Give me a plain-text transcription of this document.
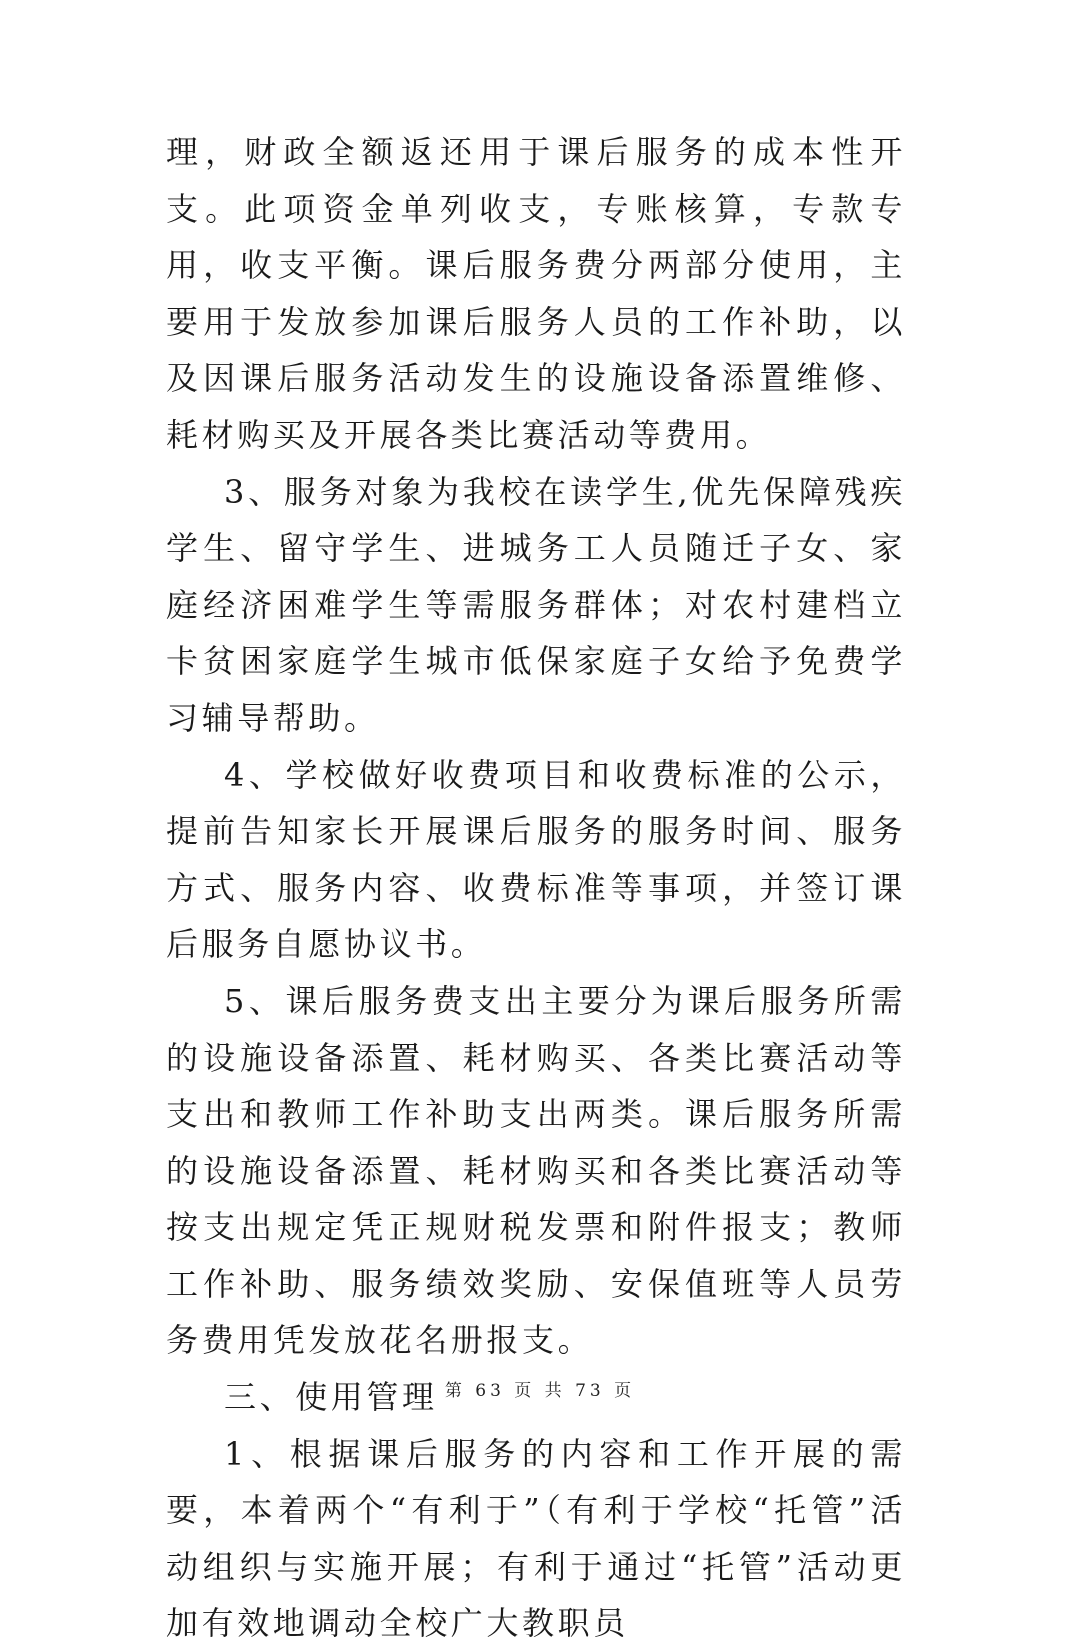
理，财政全额返还用于课后服务的成本性开支。此项资金单列收支，专账核算，专款专用，收支平衡。课后服务费分两部分使用，主要用于发放参加课后服务人员的工作补助，以及因课后服务活动发生的设施设备添置维修、耗材购买及开展各类比赛活动等费用。

3、服务对象为我校在读学生,优先保障残疾学生、留守学生、进城务工人员随迁子女、家庭经济困难学生等需服务群体；对农村建档立卡贫困家庭学生城市低保家庭子女给予免费学习辅导帮助。

4、学校做好收费项目和收费标准的公示，提前告知家长开展课后服务的服务时间、服务方式、服务内容、收费标准等事项，并签订课后服务自愿协议书。

5、课后服务费支出主要分为课后服务所需的设施设备添置、耗材购买、各类比赛活动等支出和教师工作补助支出两类。课后服务所需的设施设备添置、耗材购买和各类比赛活动等按支出规定凭正规财税发票和附件报支；教师工作补助、服务绩效奖励、安保值班等人员劳务费用凭发放花名册报支。

三、使用管理

1、根据课后服务的内容和工作开展的需要，本着两个“有利于”（有利于学校“托管”活动组织与实施开展；有利于通过“托管”活动更加有效地调动全校广大教职员

第 63 页 共 73 页
